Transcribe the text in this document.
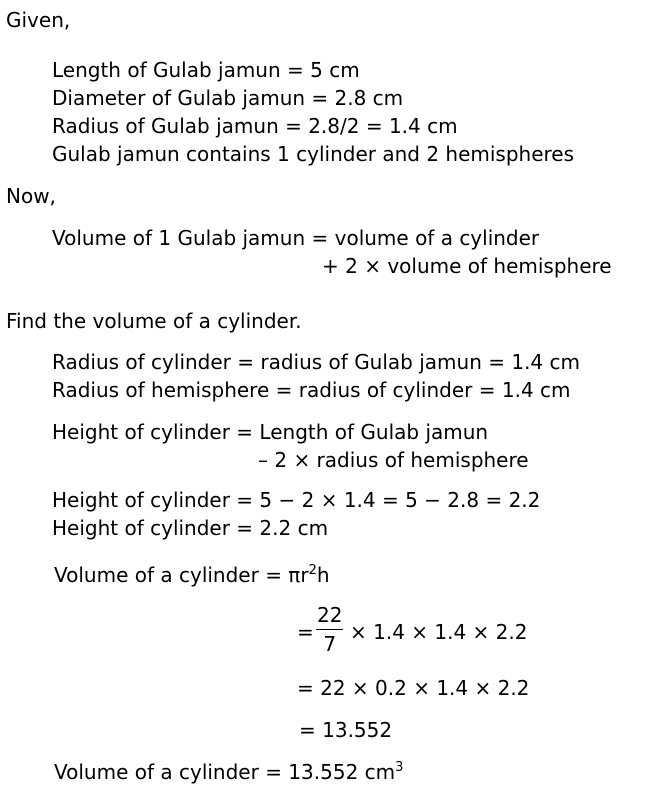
Given,
Length of Gulab jamun = 5 cm
Diameter of Gulab jamun = 2.8 cm
Radius of Gulab jamun = 2.8/2 = 1.4 cm
Gulab jamun contains 1 cylinder and 2 hemispheres
Now,
Volume of 1 Gulab jamun = volume of a cylinder
+ 2 × volume of hemisphere
Find the volume of a cylinder.
Radius of cylinder = radius of Gulab jamun = 1.4 cm
Radius of hemisphere = radius of cylinder = 1.4 cm
Height of cylinder = Length of Gulab jamun
– 2 × radius of hemisphere
Height of cylinder = 5 − 2 × 1.4 = 5 − 2.8 = 2.2
Height of cylinder = 2.2 cm
Volume of a cylinder = $\pi r^2h$
= $\frac{22}{7} \times 1.4 \times 1.4 \times 2.2$
= 22 × 0.2 × 1.4 × 2.2
= 13.552
Volume of a cylinder = 13.552 $cm^3$
